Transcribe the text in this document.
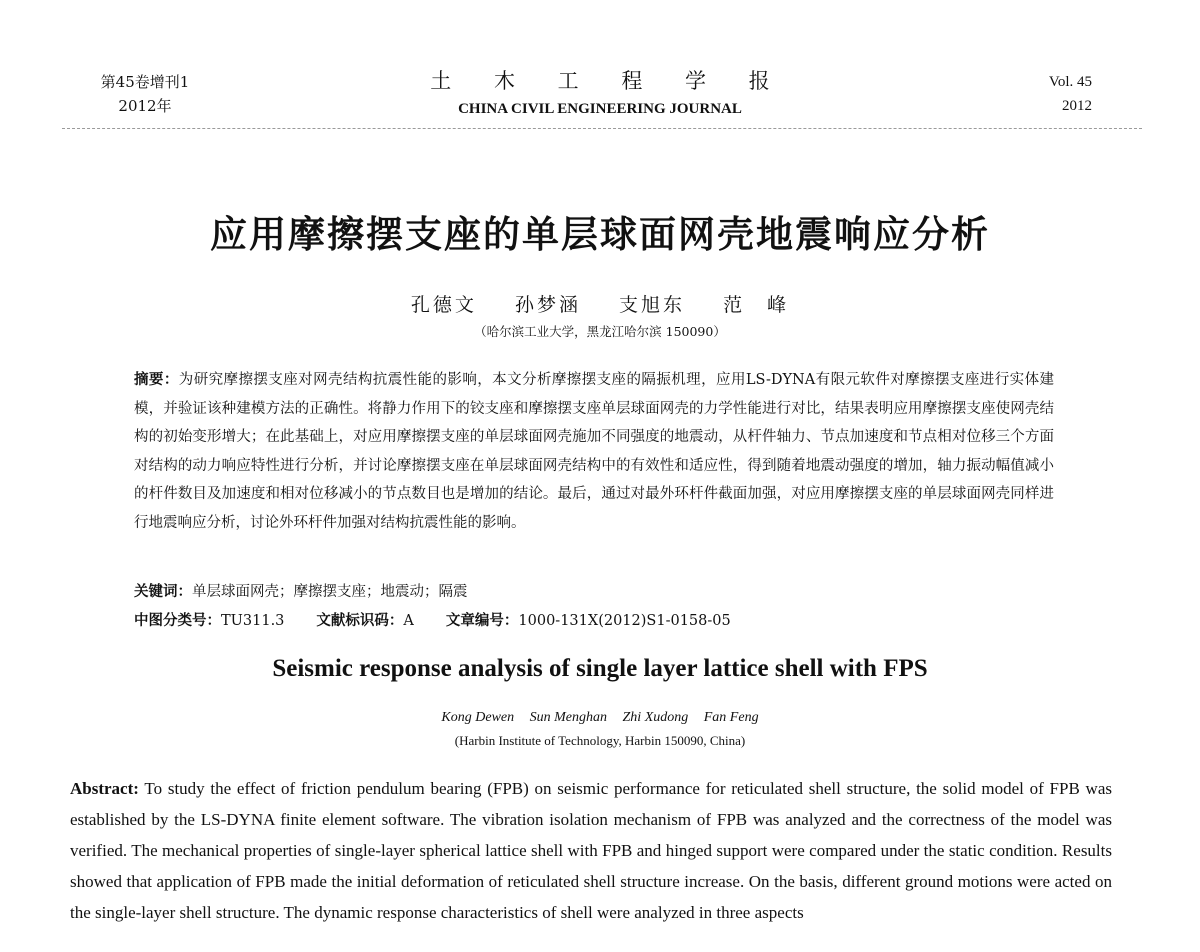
第45卷增刊1
2012年
土 木 工 程 学 报
CHINA CIVIL ENGINEERING JOURNAL
Vol. 45
2012
应用摩擦摆支座的单层球面网壳地震响应分析
孔德文 孙梦涵 支旭东 范　峰
（哈尔滨工业大学，黑龙江哈尔滨 150090）
摘要：为研究摩擦摆支座对网壳结构抗震性能的影响，本文分析摩擦摆支座的隔振机理，应用LS-DYNA有限元软件对摩擦摆支座进行实体建模，并验证该种建模方法的正确性。将静力作用下的铰支座和摩擦摆支座单层球面网壳的力学性能进行对比，结果表明应用摩擦摆支座使网壳结构的初始变形增大；在此基础上，对应用摩擦摆支座的单层球面网壳施加不同强度的地震动，从杆件轴力、节点加速度和节点相对位移三个方面对结构的动力响应特性进行分析，并讨论摩擦摆支座在单层球面网壳结构中的有效性和适应性，得到随着地震动强度的增加，轴力振动幅值减小的杆件数目及加速度和相对位移减小的节点数目也是增加的结论。最后，通过对最外环杆件截面加强，对应用摩擦摆支座的单层球面网壳同样进行地震响应分析，讨论外环杆件加强对结构抗震性能的影响。
关键词：单层球面网壳；摩擦摆支座；地震动；隔震
中图分类号：TU311.3 文献标识码：A 文章编号：1000-131X(2012)S1-0158-05
Seismic response analysis of single layer lattice shell with FPS
Kong Dewen Sun Menghan Zhi Xudong Fan Feng
(Harbin Institute of Technology, Harbin 150090, China)
Abstract: To study the effect of friction pendulum bearing (FPB) on seismic performance for reticulated shell structure, the solid model of FPB was established by the LS-DYNA finite element software. The vibration isolation mechanism of FPB was analyzed and the correctness of the model was verified. The mechanical properties of single-layer spherical lattice shell with FPB and hinged support were compared under the static condition. Results showed that application of FPB made the initial deformation of reticulated shell structure increase. On the basis, different ground motions were acted on the single-layer shell structure. The dynamic response characteristics of shell were analyzed in three aspects
